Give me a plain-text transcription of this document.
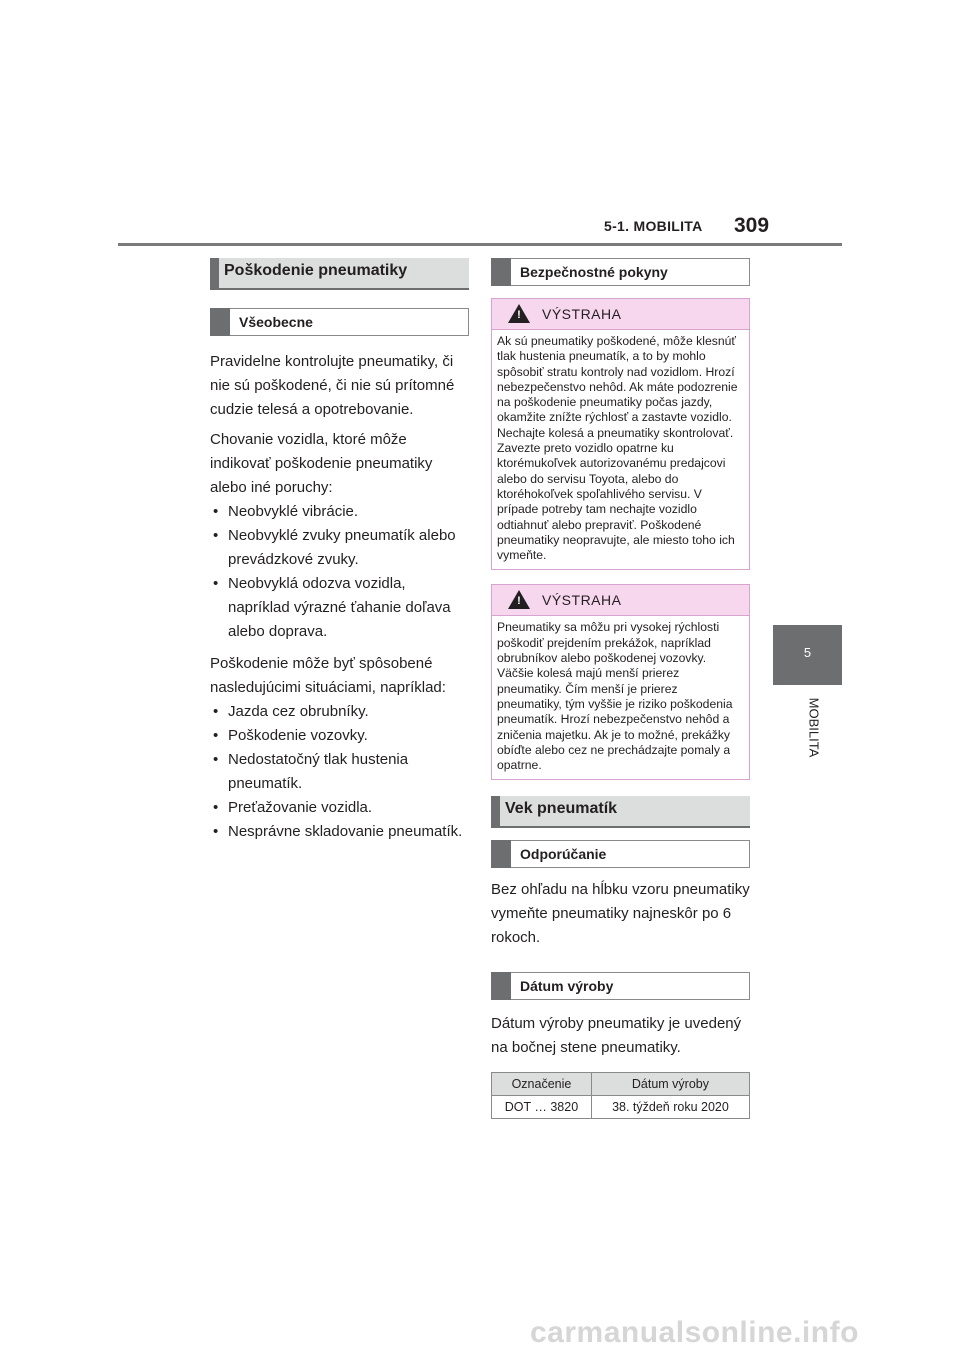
5-1. MOBILITA 309
5
MOBILITA
Poškodenie pneumatiky
Všeobecne

Pravidelne kontrolujte pneumatiky, či nie sú poškodené, či nie sú prítomné cudzie telesá a opotrebovanie.

Chovanie vozidla, ktoré môže indikovať poškodenie pneumatiky alebo iné poruchy:

• Neobvyklé vibrácie.
• Neobvyklé zvuky pneumatík alebo prevádzkové zvuky.
• Neobvyklá odozva vozidla, napríklad výrazné ťahanie doľava alebo doprava.

Poškodenie môže byť spôsobené nasledujúcimi situáciami, napríklad:

• Jazda cez obrubníky.
• Poškodenie vozovky.
• Nedostatočný tlak hustenia pneumatík.
• Preťažovanie vozidla.
• Nesprávne skladovanie pneumatík.
Bezpečnostné pokyny
! VÝSTRAHA
Ak sú pneumatiky poškodené, môže klesnúť tlak hustenia pneumatík, a to by mohlo spôsobiť stratu kontroly nad vozidlom. Hrozí nebezpečenstvo nehôd. Ak máte podozrenie na poškodenie pneumatiky počas jazdy, okamžite znížte rýchlosť a zastavte vozidlo. Nechajte kolesá a pneumatiky skontrolovať. Zavezte preto vozidlo opatrne ku ktorémukoľvek autorizovanému predajcovi alebo do servisu Toyota, alebo do ktoréhokoľvek spoľahlivého servisu. V prípade potreby tam nechajte vozidlo odtiahnuť alebo prepraviť. Poškodené pneumatiky neopravujte, ale miesto toho ich vymeňte.
! VÝSTRAHA
Pneumatiky sa môžu pri vysokej rýchlosti poškodiť prejdením prekážok, napríklad obrubníkov alebo poškodenej vozovky. Väčšie kolesá majú menší prierez pneumatiky. Čím menší je prierez pneumatiky, tým vyššie je riziko poškodenia pneumatík. Hrozí nebezpečenstvo nehôd a zničenia majetku. Ak je to možné, prekážky obíďte alebo cez ne prechádzajte pomaly a opatrne.
Vek pneumatík
Odporúčanie

Bez ohľadu na hĺbku vzoru pneumatiky vymeňte pneumatiky najneskôr po 6 rokoch.

Dátum výroby

Dátum výroby pneumatiky je uvedený na bočnej stene pneumatiky.

Označenie	Dátum výroby
DOT … 3820	38. týždeň roku 2020
carmanualsonline.info
